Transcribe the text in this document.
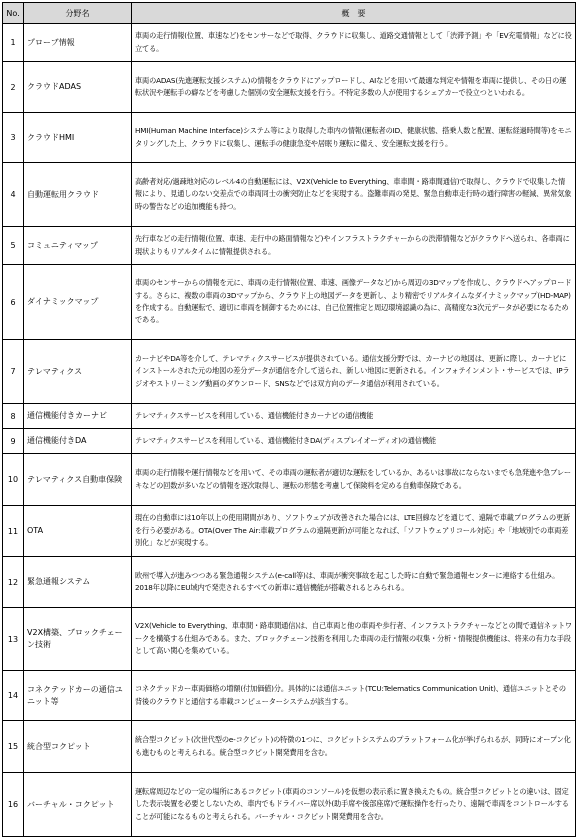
No.	分野名	概　要
1	プローブ情報	車両の走行情報(位置、車速など)をセンサーなどで取得、クラウドに収集し、道路交通情報として「渋滞予測」や「EV充電情報」などに役立てる。
2	クラウドADAS	車両のADAS(先進運転支援システム)の情報をクラウドにアップロードし、AIなどを用いて最適な判定や情報を車両に提供し、その日の運転状況や運転手の癖などを考慮した個別の安全運転支援を行う。不特定多数の人が使用するシェアカーで役立つといわれる。
3	クラウドHMI	HMI(Human Machine Interface)システム等により取得した車内の情報(運転者のID、健康状態、搭乗人数と配置、運転経過時間等)をモニタリングした上、クラウドに収集し、運転手の健康急変や居眠り運転に備え、安全運転支援を行う。
4	自動運転用クラウド	高齢者対応/過疎地対応のレベル4の自動運転には、V2X(Vehicle to Everything、車車間・路車間通信)で取得し、クラウドで収集した情報により、見通しのない交差点での車両同士の衝突防止などを実現する。盗難車両の発見、緊急自動車走行時の通行障害の軽減、異常気象時の警告などの追加機能も持つ。
5	コミュニティマップ	先行車などの走行情報(位置、車速、走行中の路面情報など)やインフラストラクチャーからの渋滞情報などがクラウドへ送られ、各車両に現状よりもリアルタイムに情報提供される。
6	ダイナミックマップ	車両のセンサーからの情報を元に、車両の走行情報(位置、車速、画像データなど)から周辺の3Dマップを作成し、クラウドへアップロードする。さらに、複数の車両の3Dマップから、クラウド上の地図データを更新し、より精密でリアルタイムなダイナミックマップ(HD-MAP)を作成する。自動運転で、適切に車両を制御するためには、自己位置推定と周辺環境認識の為に、高精度な3次元データが必要になるためである。
7	テレマティクス	カーナビやDA等を介して、テレマティクスサービスが提供されている。通信支援分野では、カーナビの地図は、更新に際し、カーナビにインストールされた元の地図の差分データが通信を介して送られ、新しい地図に更新される。インフォテインメント・サービスでは、IPラジオやストリーミング動画のダウンロード、SNSなどでは双方向のデータ通信が利用されている。
8	通信機能付きカーナビ	テレマティクスサービスを利用している、通信機能付きカーナビの通信機能
9	通信機能付きDA	テレマティクスサービスを利用している、通信機能付きDA(ディスプレイオーディオ)の通信機能
10	テレマティクス自動車保険	車両の走行情報や運行情報などを用いて、その車両の運転者が適切な運転をしているか、あるいは事故にならないまでも急発進や急ブレーキなどの回数が多いなどの情報を逐次取得し、運転の形態を考慮して保険料を定める自動車保険である。
11	OTA	現在の自動車には10年以上の使用期間があり、ソフトウェアが改善された場合には、LTE回線などを通じて、遠隔で車載プログラムの更新を行う必要がある。OTA(Over The Air:車載プログラムの遠隔更新)が可能となれば、「ソフトウェアリコール対応」や「地域別での車両差別化」などが実現する。
12	緊急通報システム	欧州で導入が進みつつある緊急通報システム(e-call等)は、車両が衝突事故を起こした時に自動で緊急通報センターに連絡する仕組み。2018年以降にEU域内で発売されるすべての新車に通信機能が搭載されるとみられる。
13	V2X構築、ブロックチェーン技術	V2X(Vehicle to Everything、車車間・路車間通信)は、自己車両と他の車両や歩行者、インフラストラクチャーなどとの間で通信ネットワークを構築する仕組みである。また、ブロックチェーン技術を利用した車両の走行情報の収集・分析・情報提供機能は、将来の有力な手段として高い関心を集めている。
14	コネクテッドカーの通信ユニット等	コネクテッドカー車両価格の増額(付加価値)分。具体的には通信ユニット(TCU:Telematics Communication Unit)、通信ユニットとその背後のクラウドと通信する車載コンピューターシステムが該当する。
15	統合型コクピット	統合型コクピット(次世代型のe-コクピット)の特徴の1つに、コクピットシステムのプラットフォーム化が挙げられるが、同時にオープン化も進むものと考えられる。統合型コクピット開発費用を含む。
16	バーチャル・コクピット	運転席周辺などの一定の場所にあるコクピット(車両のコンソール)を仮想の表示系に置き換えたもの。統合型コクピットとの違いは、固定した表示装置を必要としないため、車内でもドライバー席以外(助手席や後部座席)で運転操作を行ったり、遠隔で車両をコントロールすることが可能になるものと考えられる。バーチャル・コクピット開発費用を含む。
